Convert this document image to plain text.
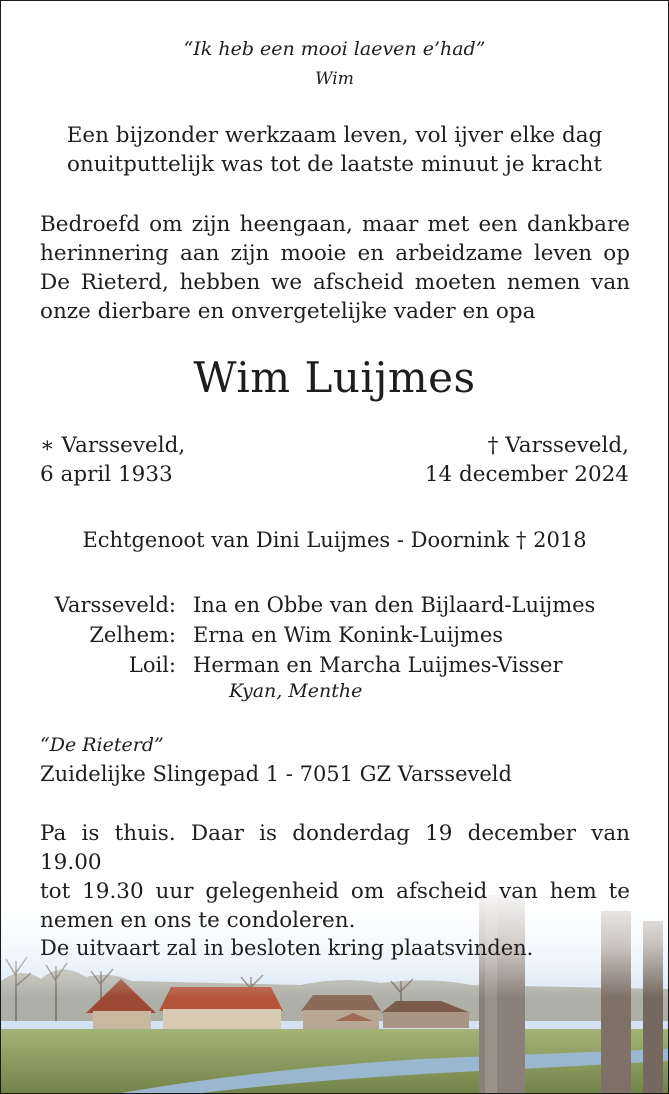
“Ik heb een mooi laeven e’had”
Wim
Een bijzonder werkzaam leven, vol ijver elke dag
onuitputtelijk was tot de laatste minuut je kracht
Bedroefd om zijn heengaan, maar met een dankbare
herinnering aan zijn mooie en arbeidzame leven op
De Rieterd, hebben we afscheid moeten nemen van
onze dierbare en onvergetelijke vader en opa
Wim Luijmes
∗ Varsseveld,
6 april 1933
† Varsseveld,
14 december 2024
Echtgenoot van Dini Luijmes - Doornink † 2018
Varsseveld: Ina en Obbe van den Bijlaard-Luijmes
Zelhem: Erna en Wim Konink-Luijmes
Loil: Herman en Marcha Luijmes-Visser
Kyan, Menthe
“De Rieterd”
Zuidelijke Slingepad 1 - 7051 GZ Varsseveld
Pa is thuis. Daar is donderdag 19 december van 19.00
tot 19.30 uur gelegenheid om afscheid van hem te
nemen en ons te condoleren.
De uitvaart zal in besloten kring plaatsvinden.
